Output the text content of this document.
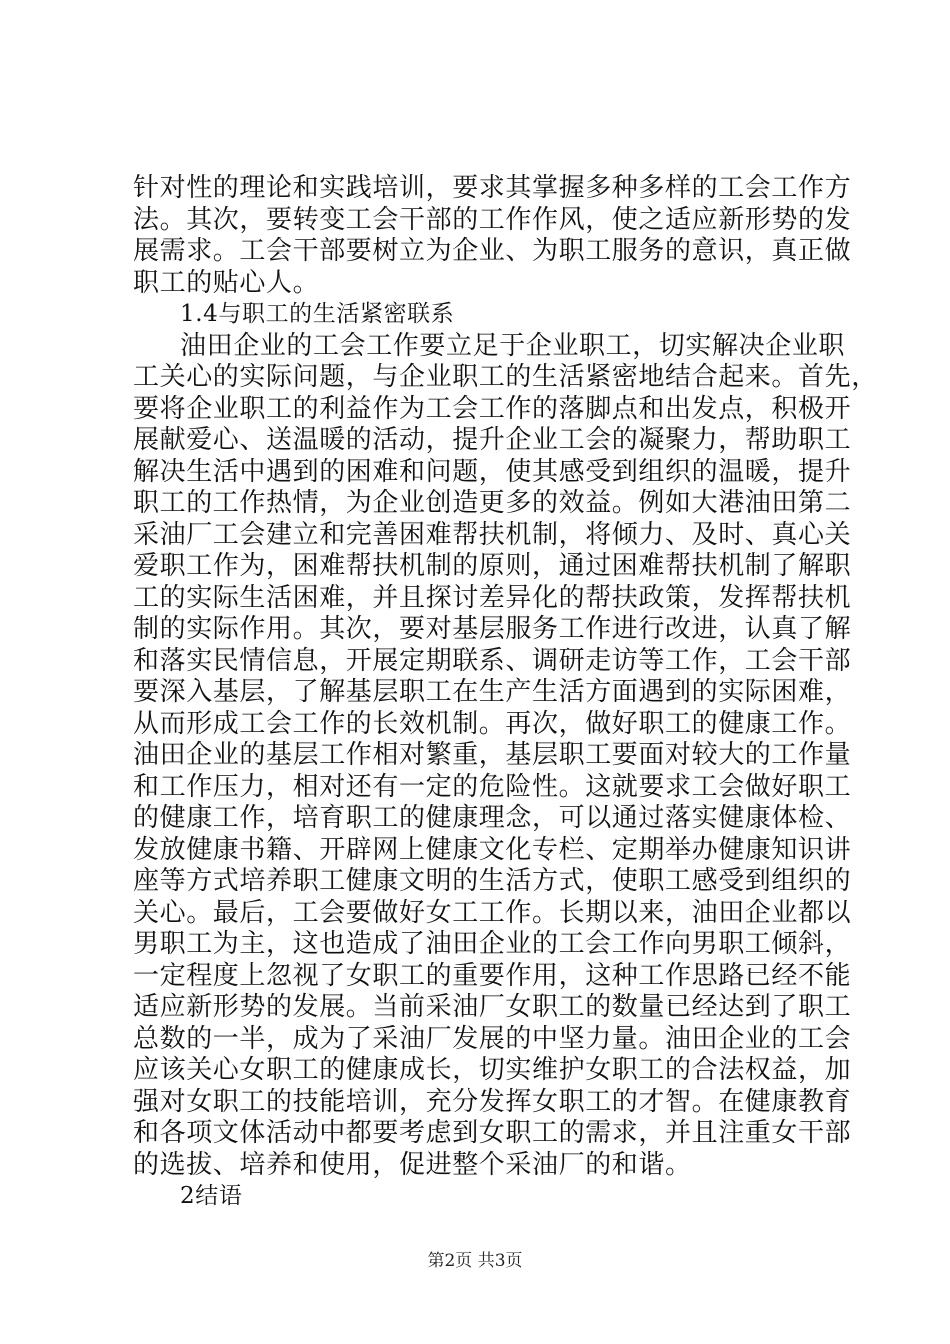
针对性的理论和实践培训，要求其掌握多种多样的工会工作方
法。其次，要转变工会干部的工作作风，使之适应新形势的发
展需求。工会干部要树立为企业、为职工服务的意识，真正做
职工的贴心人。
1.4与职工的生活紧密联系
油田企业的工会工作要立足于企业职工，切实解决企业职
工关心的实际问题，与企业职工的生活紧密地结合起来。首先，
要将企业职工的利益作为工会工作的落脚点和出发点，积极开
展献爱心、送温暖的活动，提升企业工会的凝聚力，帮助职工
解决生活中遇到的困难和问题，使其感受到组织的温暖，提升
职工的工作热情，为企业创造更多的效益。例如大港油田第二
采油厂工会建立和完善困难帮扶机制，将倾力、及时、真心关
爱职工作为，困难帮扶机制的原则，通过困难帮扶机制了解职
工的实际生活困难，并且探讨差异化的帮扶政策，发挥帮扶机
制的实际作用。其次，要对基层服务工作进行改进，认真了解
和落实民情信息，开展定期联系、调研走访等工作，工会干部
要深入基层，了解基层职工在生产生活方面遇到的实际困难，
从而形成工会工作的长效机制。再次，做好职工的健康工作。
油田企业的基层工作相对繁重，基层职工要面对较大的工作量
和工作压力，相对还有一定的危险性。这就要求工会做好职工
的健康工作，培育职工的健康理念，可以通过落实健康体检、
发放健康书籍、开辟网上健康文化专栏、定期举办健康知识讲
座等方式培养职工健康文明的生活方式，使职工感受到组织的
关心。最后，工会要做好女工工作。长期以来，油田企业都以
男职工为主，这也造成了油田企业的工会工作向男职工倾斜，
一定程度上忽视了女职工的重要作用，这种工作思路已经不能
适应新形势的发展。当前采油厂女职工的数量已经达到了职工
总数的一半，成为了采油厂发展的中坚力量。油田企业的工会
应该关心女职工的健康成长，切实维护女职工的合法权益，加
强对女职工的技能培训，充分发挥女职工的才智。在健康教育
和各项文体活动中都要考虑到女职工的需求，并且注重女干部
的选拔、培养和使用，促进整个采油厂的和谐。
2结语
第2页 共3页
